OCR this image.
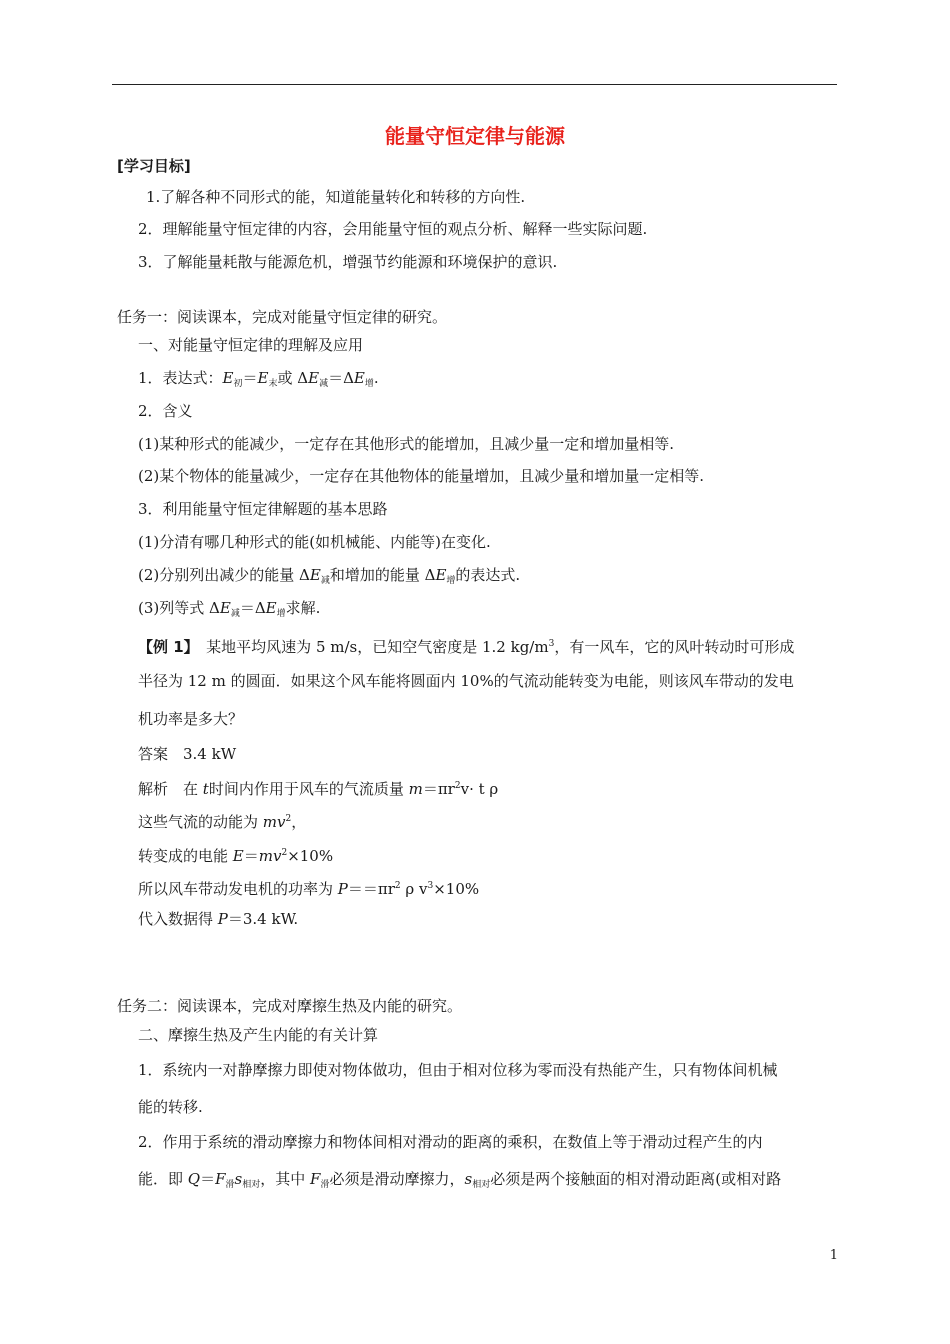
能量守恒定律与能源
[学习目标]
1.了解各种不同形式的能，知道能量转化和转移的方向性.
2．理解能量守恒定律的内容，会用能量守恒的观点分析、解释一些实际问题.
3．了解能量耗散与能源危机，增强节约能源和环境保护的意识.
任务一：阅读课本，完成对能量守恒定律的研究。
一、对能量守恒定律的理解及应用
1．表达式：$E_初=E_末$或 $\Delta E_减=\Delta E_增$.
2．含义
(1)某种形式的能减少，一定存在其他形式的能增加，且减少量一定和增加量相等.
(2)某个物体的能量减少，一定存在其他物体的能量增加，且减少量和增加量一定相等.
3．利用能量守恒定律解题的基本思路
(1)分清有哪几种形式的能(如机械能、内能等)在变化.
(2)分别列出减少的能量 $\Delta E_减$和增加的能量 $\Delta E_增$的表达式.
(3)列等式 $\Delta E_减=\Delta E_增$求解.
【例 1】　某地平均风速为 5 m/s，已知空气密度是 1.2 $kg/m^3$，有一风车，它的风叶转动时可形成
半径为 12 m 的圆面．如果这个风车能将圆面内 10%的气流动能转变为电能，则该风车带动的发电
机功率是多大？
答案　3.4 kW
解析　在 t时间内作用于风车的气流质量 $m=\pi r^2v\cdot t$ ρ
这些气流的动能为 $mv^2$，
转变成的电能 $E=mv^2\times 10\%$
所以风车带动发电机的功率为 $P==\pi r^2$ ρ $v^3\times 10\%$
代入数据得 P＝3.4 kW.
任务二：阅读课本，完成对摩擦生热及内能的研究。
二、摩擦生热及产生内能的有关计算
1．系统内一对静摩擦力即使对物体做功，但由于相对位移为零而没有热能产生，只有物体间机械
能的转移.
2．作用于系统的滑动摩擦力和物体间相对滑动的距离的乘积，在数值上等于滑动过程产生的内
能．即 $Q=F_滑s_{相对}$，其中 $F_滑$必须是滑动摩擦力，$s_{相对}$必须是两个接触面的相对滑动距离(或相对路
1
